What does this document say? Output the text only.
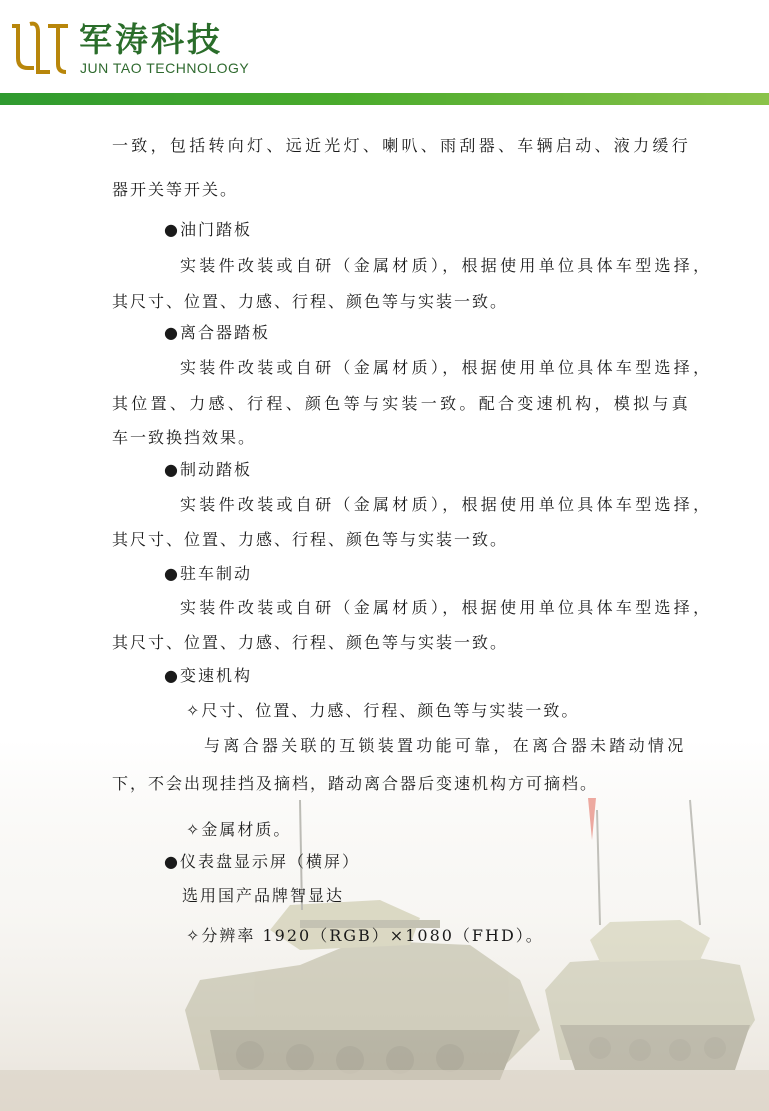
军涛科技
JUN TAO TECHNOLOGY
一致，包括转向灯、远近光灯、喇叭、雨刮器、车辆启动、液力缓行
器开关等开关。
●油门踏板
实装件改装或自研（金属材质），根据使用单位具体车型选择，
其尺寸、位置、力感、行程、颜色等与实装一致。
●离合器踏板
实装件改装或自研（金属材质），根据使用单位具体车型选择，
其位置、力感、行程、颜色等与实装一致。配合变速机构，模拟与真
车一致换挡效果。
●制动踏板
实装件改装或自研（金属材质），根据使用单位具体车型选择，
其尺寸、位置、力感、行程、颜色等与实装一致。
●驻车制动
实装件改装或自研（金属材质），根据使用单位具体车型选择，
其尺寸、位置、力感、行程、颜色等与实装一致。
●变速机构
✧尺寸、位置、力感、行程、颜色等与实装一致。
与离合器关联的互锁装置功能可靠，在离合器未踏动情况
下，不会出现挂挡及摘档，踏动离合器后变速机构方可摘档。
✧金属材质。
●仪表盘显示屏（横屏）
选用国产品牌智显达
✧分辨率 1920（RGB）×1080（FHD）。
